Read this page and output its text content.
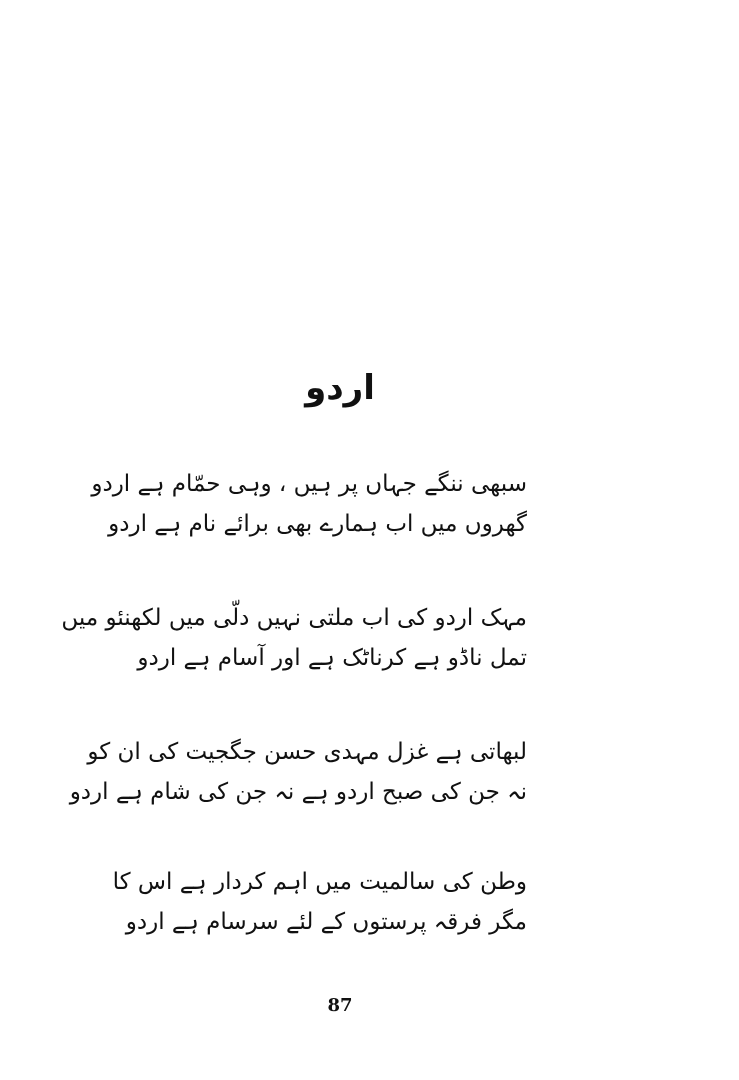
اردو
سبھی ننگے جہاں پر ہیں ، وہی حمّام ہے اردو
گھروں میں اب ہمارے بھی برائے نام ہے اردو
مہک اردو کی اب ملتی نہیں دلّی میں لکھنئو میں
تمل ناڈو ہے کرناٹک ہے اور آسام ہے اردو
لبھاتی ہے غزل مہدی حسن جگجیت کی ان کو
نہ جن کی صبح اردو ہے نہ جن کی شام ہے اردو
وطن کی سالمیت میں اہم کردار ہے اس کا
مگر فرقہ پرستوں کے لئے سرسام ہے اردو
87
